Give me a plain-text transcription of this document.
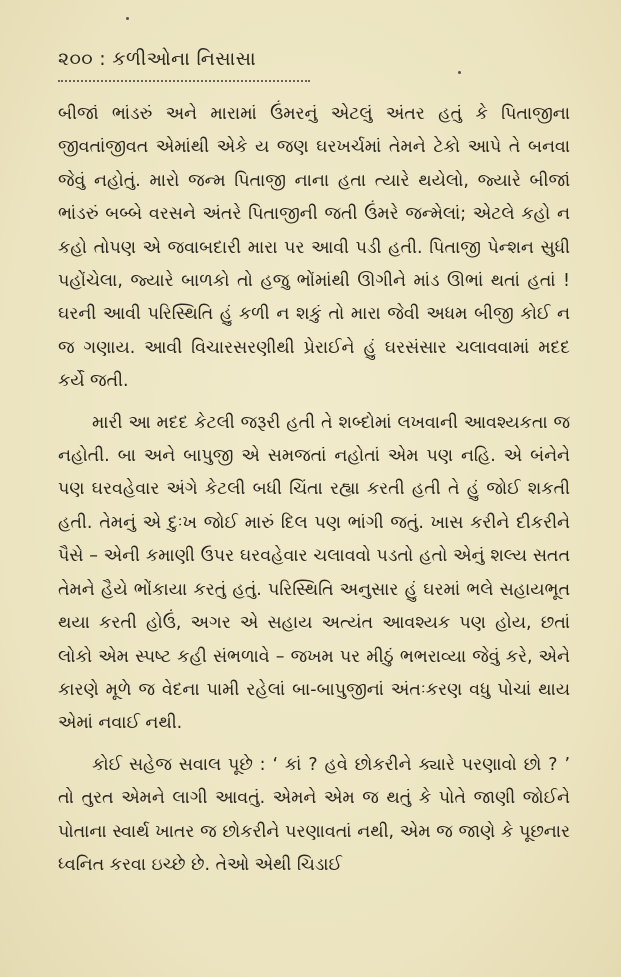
૨૦૦ : કળીઓના નિસાસા

બીજાં ભાંડરું અને મારામાં ઉંમરનું એટલું અંતર હતું કે પિતાજીના જીવતાંજીવત એમાંથી એકે ય જણ ઘરખર્ચમાં તેમને ટેકો આપે તે બનવા જેવું નહોતું. મારો જન્મ પિતાજી નાના હતા ત્યારે થયેલો, જ્યારે બીજાં ભાંડરું બબ્બે વરસને અંતરે પિતાજીની જતી ઉંમરે જન્મેલાં; એટલે કહો ન કહો તોપણ એ જવાબદારી મારા પર આવી પડી હતી. પિતાજી પેન્શન સુધી પહોંચેલા, જ્યારે બાળકો તો હજુ ભોંમાંથી ઊગીને માંડ ઊભાં થતાં હતાં ! ઘરની આવી પરિસ્થિતિ હું કળી ન શકું તો મારા જેવી અધમ બીજી કોઈ ન જ ગણાય. આવી વિચારસરણીથી પ્રેરાઈને હું ઘરસંસાર ચલાવવામાં મદદ કર્યે જતી.

મારી આ મદદ કેટલી જરૂરી હતી તે શબ્દોમાં લખવાની આવશ્યકતા જ નહોતી. બા અને બાપુજી એ સમજતાં નહોતાં એમ પણ નહિ. એ બંનેને પણ ઘરવહેવાર અંગે કેટલી બધી ચિંતા રહ્યા કરતી હતી તે હું જોઈ શકતી હતી. તેમનું એ દુઃખ જોઈ મારું દિલ પણ ભાંગી જતું. ખાસ કરીને દીકરીને પૈસે – એની કમાણી ઉપર ઘરવહેવાર ચલાવવો પડતો હતો એનું શલ્ય સતત તેમને હૈયે ભોંકાયા કરતું હતું. પરિસ્થિતિ અનુસાર હું ઘરમાં ભલે સહાયભૂત થયા કરતી હોઉં, અગર એ સહાય અત્યંત આવશ્યક પણ હોય, છતાં લોકો એમ સ્પષ્ટ કહી સંભળાવે – જખમ પર મીઠું ભભરાવ્યા જેવું કરે, એને કારણે મૂળે જ વેદના પામી રહેલાં બા-બાપુજીનાં અંતઃકરણ વધુ પોચાં થાય એમાં નવાઈ નથી.

કોઈ સહેજ સવાલ પૂછે : ‘ કાં ? હવે છોકરીને ક્યારે પરણાવો છો ? ’ તો તુરત એમને લાગી આવતું. એમને એમ જ થતું કે પોતે જાણી જોઈને પોતાના સ્વાર્થ ખાતર જ છોકરીને પરણાવતાં નથી, એમ જ જાણે કે પૂછનાર ધ્વનિત કરવા ઇચ્છે છે. તેઓ એથી ચિડાઈ
